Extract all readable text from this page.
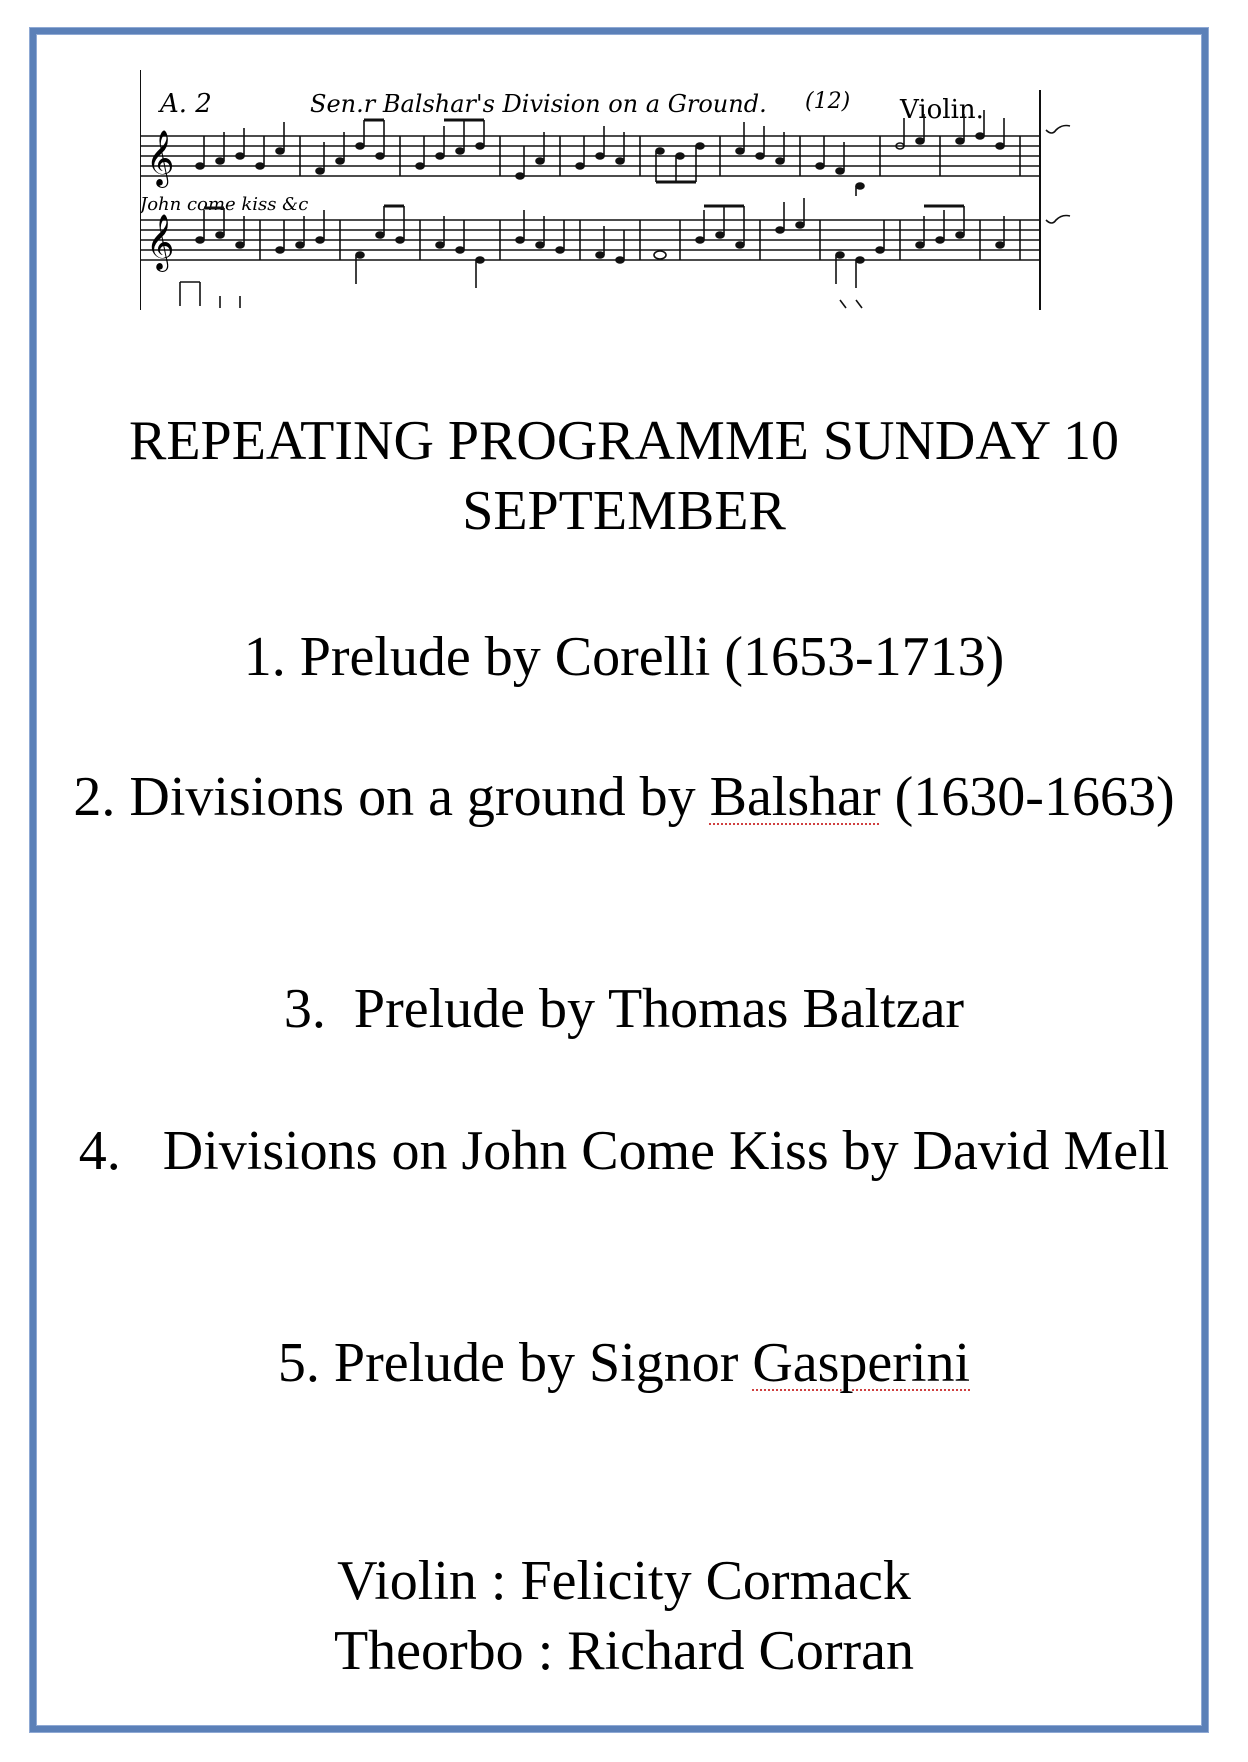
A. 2	Sen.r Balshar's Division on a Ground. (12) Violin.
John come kiss &c
𝄞
𝄞
REPEATING PROGRAMME SUNDAY 10 SEPTEMBER
1. Prelude by Corelli (1653-1713)
2. Divisions on a ground by Balshar (1630-1663)
3.  Prelude by Thomas Baltzar
4.   Divisions on John Come Kiss by David Mell
5. Prelude by Signor Gasperini
Violin : Felicity Cormack
Theorbo : Richard Corran
